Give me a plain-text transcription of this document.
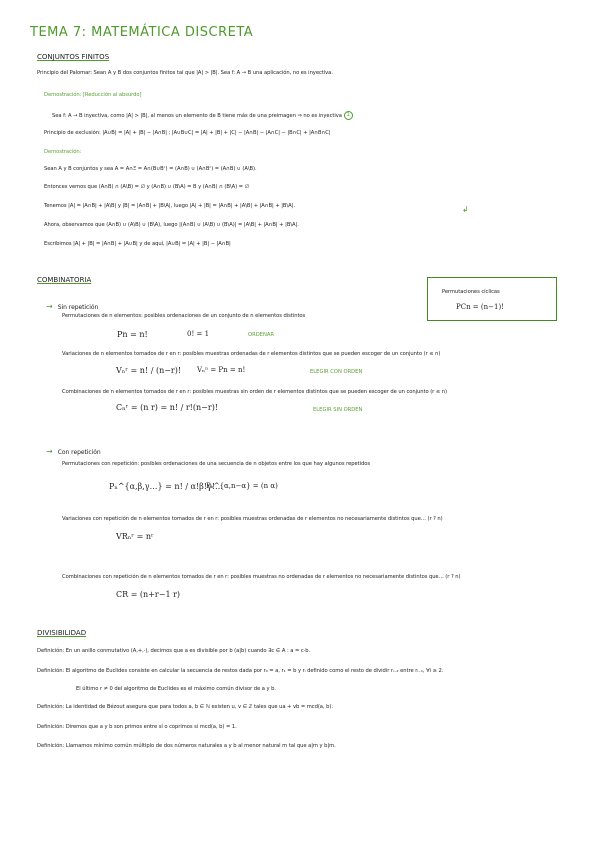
TEMA 7: MATEMÁTICA DISCRETA
CONJUNTOS FINITOS
Principio del Palomar: Sean A y B dos conjuntos finitos tal que |A| > |B|. Sea f: A → B una aplicación, no es inyectiva.
Demostración: [Reducción al absurdo]
Sea f: A → B inyectiva, como |A| > |B|, al menos un elemento de B tiene más de una preimagen ⇒ no es inyectiva 1
Principio de exclusión: |A∪B| = |A| + |B| − |A∩B| ; |A∪B∪C| = |A| + |B| + |C| − |A∩B| − |A∩C| − |B∩C| + |A∩B∩C|
Demostración:
Sean A y B conjuntos y sea A = A∩Ξ = A∩(B∪Bᶜ) = (A∩B) ∪ (A∩Bᶜ) = (A∩B) ∪ (A\B).
Entonces vemos que (A∩B) ∩ (A\B) = ∅ y (A∩B) ∪ (B\A) = B y (A∩B) ∩ (B\A) = ∅
Tenemos |A| = |A∩B| + |A\B| y |B| = |A∩B| + |B\A|, luego |A| + |B| = |A∩B| + |A\B| + |A∩B| + |B\A|.
Ahora, observamos que (A∩B) ∪ (A\B) ∪ (B\A), luego |(A∩B) ∪ (A\B) ∪ (B\A)| = |A\B| + |A∩B| + |B\A|.
Escribimos |A| + |B| = |A∩B| + |A∪B| y de aquí, |A∪B| = |A| + |B| − |A∩B|
↲
COMBINATORIA
→ Sin repetición
Permutaciones cíclicas
PCn = (n−1)!
Permutaciones de n elementos: posibles ordenaciones de un conjunto de n elementos distintos
Pn = n!	0! = 1	ORDENAR
Variaciones de n elementos tomados de r en r: posibles muestras ordenadas de r elementos distintos que se pueden escoger de un conjunto (r ≤ n)
Vₙʳ = n! / (n−r)! Vₙⁿ = Pn = n!	ELEGIR CON ORDEN
Combinaciones de n elementos tomados de r en r: posibles muestras sin orden de r elementos distintos que se pueden escoger de un conjunto (r ≤ n)
Cₙʳ = (n r) = n! / r!(n−r)!	ELEGIR SIN ORDEN
→ Con repetición
Permutaciones con repetición: posibles ordenaciones de una secuencia de n objetos entre los que hay algunos repetidos
Pₙ^{α,β,γ…} = n! / α!β!γ!…
Pₙ^{α,n−α} = (n α)
Variaciones con repetición de n elementos tomados de r en r: posibles muestras ordenadas de r elementos no necesariamente distintos que… (r ? n)
VRₙʳ = nʳ
Combinaciones con repetición de n elementos tomados de r en r: posibles muestras no ordenadas de r elementos no necesariamente distintos que… (r ? n)
CR = (n+r−1 r)
DIVISIBILIDAD
Definición: En un anillo conmutativo (A,+,·), decimos que a es divisible por b (a|b) cuando ∃c ∈ A : a = c·b.
Definición: El algoritmo de Euclides consiste en calcular la secuencia de restos dada por r₀ = a, r₁ = b y rᵢ definido como el resto de dividir rᵢ₋₂ entre rᵢ₋₁, ∀i ≥ 2.
El último r ≠ 0 del algoritmo de Euclides es el máximo común divisor de a y b.
Definición: La identidad de Bézout asegura que para todos a, b ∈ ℕ existen u, v ∈ ℤ tales que ua + vb = mcd(a, b).
Definición: Diremos que a y b son primos entre sí o coprimos si mcd(a, b) = 1.
Definición: Llamamos mínimo común múltiplo de dos números naturales a y b al menor natural m tal que a|m y b|m.
